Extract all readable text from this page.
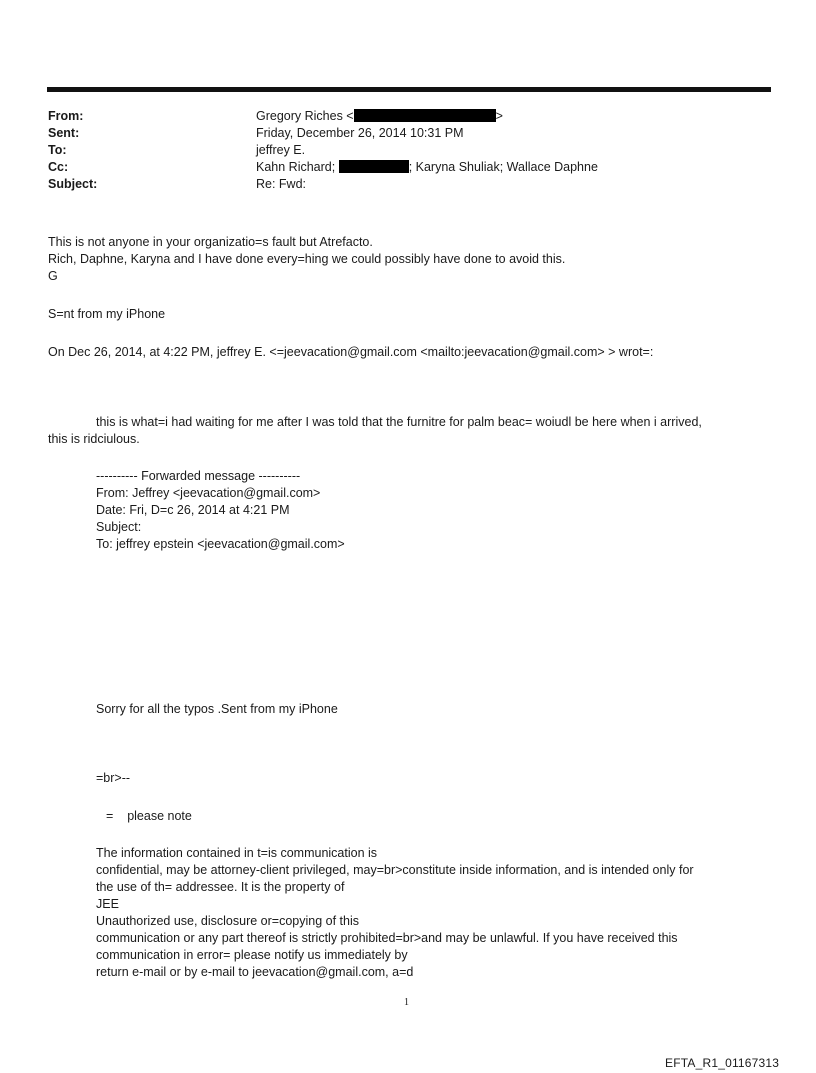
From:	Gregory Riches <	>
Sent:	Friday, December 26, 2014 10:31 PM
To:	jeffrey E.
Cc:	Kahn Richard;	; Karyna Shuliak; Wallace Daphne
Subject:	Re: Fwd:
This is not anyone in your organizatio=s fault but Atrefacto.
Rich, Daphne, Karyna and I have done every=hing we could possibly have done to avoid this.
G
S=nt from my iPhone
On Dec 26, 2014, at 4:22 PM, jeffrey E. <=jeevacation@gmail.com <mailto:jeevacation@gmail.com> > wrot=:
this is what=i had waiting for me after I was told that the furnitre for palm beac= woiudl be here when i arrived,
this is ridciulous.
---------- Forwarded message ----------
From: Jeffrey <jeevacation@gmail.com>
Date: Fri, D=c 26, 2014 at 4:21 PM
Subject:
To: jeffrey epstein <jeevacation@gmail.com>
Sorry for all the typos .Sent from my iPhone
=br>--
=    please note
The information contained in t=is communication is
confidential, may be attorney-client privileged, may=br>constitute inside information, and is intended only for
the use of th= addressee. It is the property of
JEE
Unauthorized use, disclosure or=copying of this
communication or any part thereof is strictly prohibited=br>and may be unlawful. If you have received this
communication in error= please notify us immediately by
return e-mail or by e-mail to jeevacation@gmail.com, a=d
1
EFTA_R1_01167313
